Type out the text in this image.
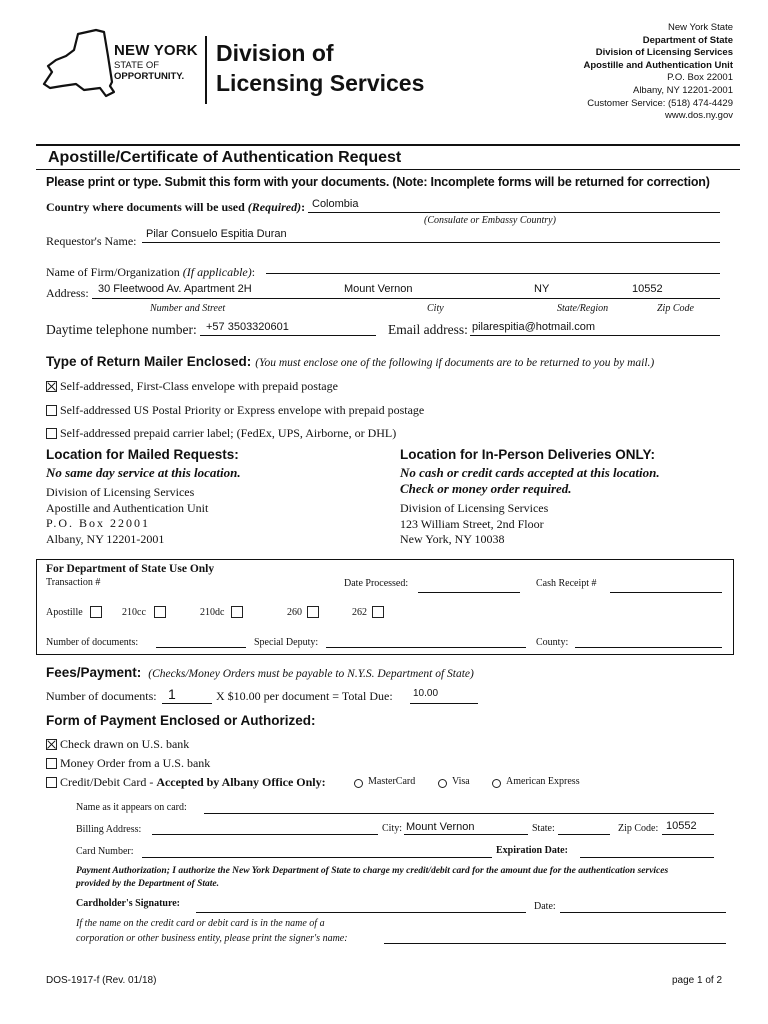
NEW YORK
STATE OF
OPPORTUNITY.
Division of
Licensing Services
New York State
Department of State
Division of Licensing Services
Apostille and Authentication Unit
P.O. Box 22001
Albany, NY 12201-2001
Customer Service: (518) 474-4429
www.dos.ny.gov
Apostille/Certificate of Authentication Request
Please print or type. Submit this form with your documents. (Note: Incomplete forms will be returned for correction)
Country where documents will be used (Required): Colombia
(Consulate or Embassy Country)
Requestor's Name: Pilar Consuelo Espitia Duran
Name of Firm/Organization (If applicable):
Address: 30 Fleetwood Av. Apartment 2H	Mount Vernon	NY	10552
Number and Street	City	State/Region	Zip Code
Daytime telephone number: +57 3503320601	Email address: pilarespitia@hotmail.com
Type of Return Mailer Enclosed: (You must enclose one of the following if documents are to be returned to you by mail.)
Self-addressed, First-Class envelope with prepaid postage
Self-addressed US Postal Priority or Express envelope with prepaid postage
Self-addressed prepaid carrier label; (FedEx, UPS, Airborne, or DHL)
Location for Mailed Requests:
No same day service at this location.
Division of Licensing Services
Apostille and Authentication Unit
P.O. Box 22001
Albany, NY 12201-2001
Location for In-Person Deliveries ONLY:
No cash or credit cards accepted at this location.
Check or money order required.
Division of Licensing Services
123 William Street, 2nd Floor
New York, NY 10038
For Department of State Use Only
Transaction #	Date Processed:	Cash Receipt #
Apostille	210cc	210dc	260	262
Number of documents:	Special Deputy:	County:
Fees/Payment: (Checks/Money Orders must be payable to N.Y.S. Department of State)
Number of documents: 1	X $10.00 per document = Total Due: 10.00
Form of Payment Enclosed or Authorized:
Check drawn on U.S. bank
Money Order from a U.S. bank
Credit/Debit Card - Accepted by Albany Office Only:	MasterCard	Visa	American Express
Name as it appears on card:
Billing Address:	City: Mount Vernon	State:	Zip Code: 10552
Card Number:	Expiration Date:
Payment Authorization; I authorize the New York Department of State to charge my credit/debit card for the amount due for the authentication services provided by the Department of State.
Cardholder's Signature:	Date:
If the name on the credit card or debit card is in the name of a
corporation or other business entity, please print the signer's name:
DOS-1917-f (Rev. 01/18)	page 1 of 2
